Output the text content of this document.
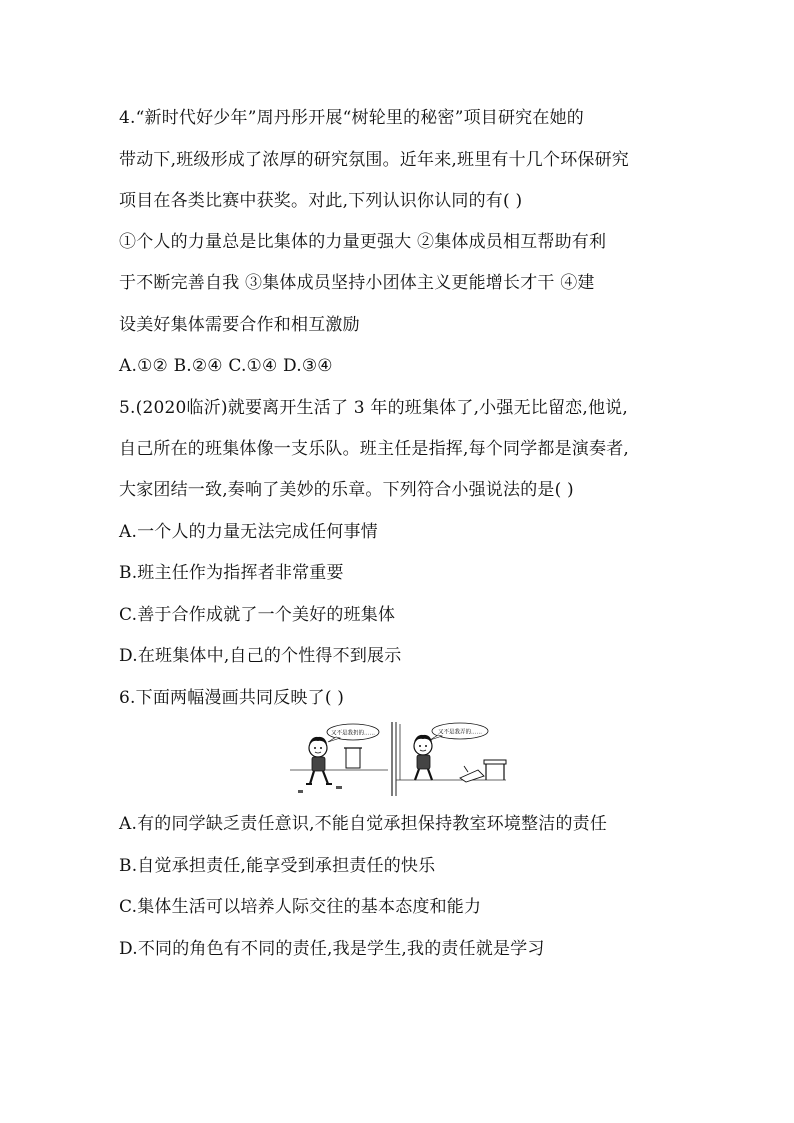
4.“新时代好少年”周丹彤开展“树轮里的秘密”项目研究在她的
带动下,班级形成了浓厚的研究氛围。近年来,班里有十几个环保研究
项目在各类比赛中获奖。对此,下列认识你认同的有( )
①个人的力量总是比集体的力量更强大 ②集体成员相互帮助有利
于不断完善自我 ③集体成员坚持小团体主义更能增长才干 ④建
设美好集体需要合作和相互激励
A.①② B.②④ C.①④ D.③④
5.(2020临沂)就要离开生活了 3 年的班集体了,小强无比留恋,他说,
自己所在的班集体像一支乐队。班主任是指挥,每个同学都是演奏者,
大家团结一致,奏响了美妙的乐章。下列符合小强说法的是( )
A.一个人的力量无法完成任何事情
B.班主任作为指挥者非常重要
C.善于合作成就了一个美好的班集体
D.在班集体中,自己的个性得不到展示
6.下面两幅漫画共同反映了( )
又不是我扔的……	又不是我弄的……
A.有的同学缺乏责任意识,不能自觉承担保持教室环境整洁的责任
B.自觉承担责任,能享受到承担责任的快乐
C.集体生活可以培养人际交往的基本态度和能力
D.不同的角色有不同的责任,我是学生,我的责任就是学习
